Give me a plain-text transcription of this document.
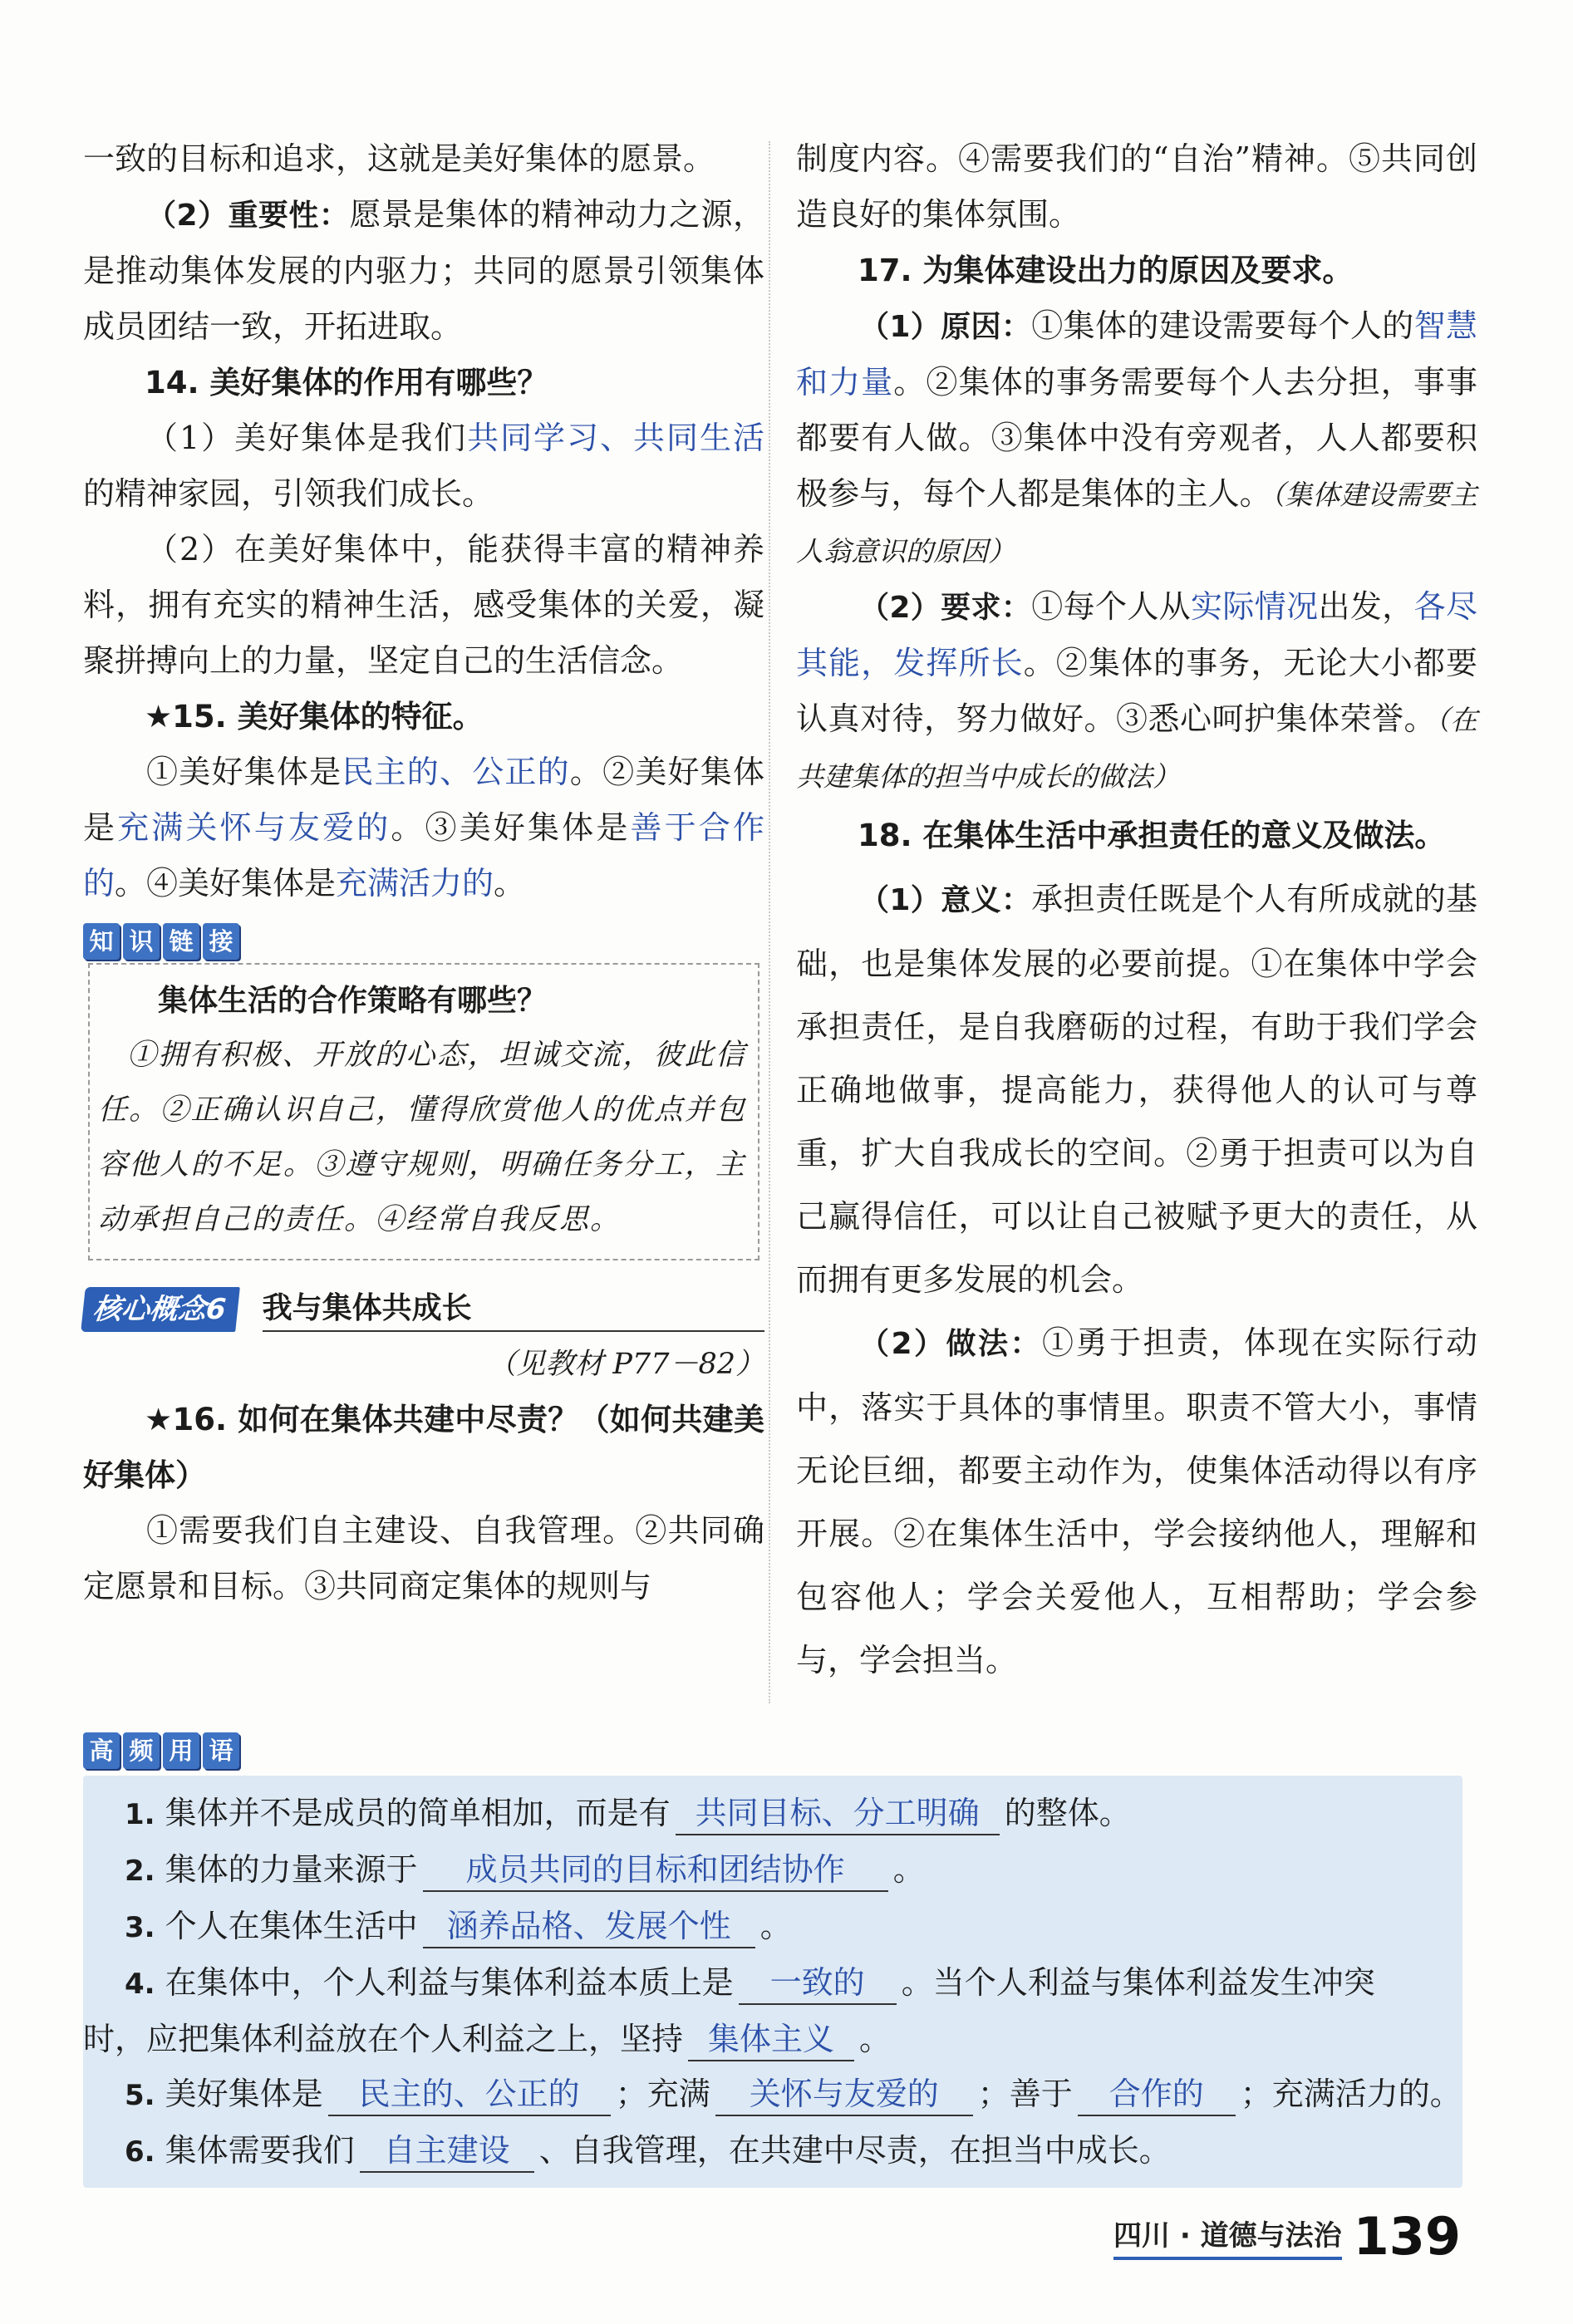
一致的目标和追求，这就是美好集体的愿景。

（2）重要性：愿景是集体的精神动力之源，是推动集体发展的内驱力；共同的愿景引领集体成员团结一致，开拓进取。

14. 美好集体的作用有哪些？

（1）美好集体是我们共同学习、共同生活的精神家园，引领我们成长。

（2）在美好集体中，能获得丰富的精神养料，拥有充实的精神生活，感受集体的关爱，凝聚拼搏向上的力量，坚定自己的生活信念。

★15. 美好集体的特征。

①美好集体是民主的、公正的。②美好集体是充满关怀与友爱的。③美好集体是善于合作的。④美好集体是充满活力的。

知 识 链 接
集体生活的合作策略有哪些？
①拥有积极、开放的心态，坦诚交流，彼此信任。②正确认识自己，懂得欣赏他人的优点并包容他人的不足。③遵守规则，明确任务分工，主动承担自己的责任。④经常自我反思。
核心概念6	我与集体共成长
（见教材 P77－82）

★16. 如何在集体共建中尽责？（如何共建美好集体）

①需要我们自主建设、自我管理。②共同确定愿景和目标。③共同商定集体的规则与

制度内容。④需要我们的“自治”精神。⑤共同创造良好的集体氛围。

17. 为集体建设出力的原因及要求。

（1）原因：①集体的建设需要每个人的智慧和力量。②集体的事务需要每个人去分担，事事都要有人做。③集体中没有旁观者，人人都要积极参与，每个人都是集体的主人。（集体建设需要主人翁意识的原因）

（2）要求：①每个人从实际情况出发，各尽其能，发挥所长。②集体的事务，无论大小都要认真对待，努力做好。③悉心呵护集体荣誉。（在共建集体的担当中成长的做法）

18. 在集体生活中承担责任的意义及做法。

（1）意义：承担责任既是个人有所成就的基础，也是集体发展的必要前提。①在集体中学会承担责任，是自我磨砺的过程，有助于我们学会正确地做事，提高能力，获得他人的认可与尊重，扩大自我成长的空间。②勇于担责可以为自己赢得信任，可以让自己被赋予更大的责任，从而拥有更多发展的机会。

（2）做法：①勇于担责，体现在实际行动中，落实于具体的事情里。职责不管大小，事情无论巨细，都要主动作为，使集体活动得以有序开展。②在集体生活中，学会接纳他人，理解和包容他人；学会关爱他人，互相帮助；学会参与，学会担当。

高 频 用 语
1. 集体并不是成员的简单相加，而是有 共同目标、分工明确 的整体。
2. 集体的力量来源于 成员共同的目标和团结协作 。
3. 个人在集体生活中 涵养品格、发展个性 。
4. 在集体中，个人利益与集体利益本质上是 一致的 。当个人利益与集体利益发生冲突
时，应把集体利益放在个人利益之上，坚持 集体主义 。
5. 美好集体是 民主的、公正的 ；充满 关怀与友爱的 ；善于 合作的 ；充满活力的。
6. 集体需要我们 自主建设 、自我管理，在共建中尽责，在担当中成长。
四川 · 道德与法治 139
